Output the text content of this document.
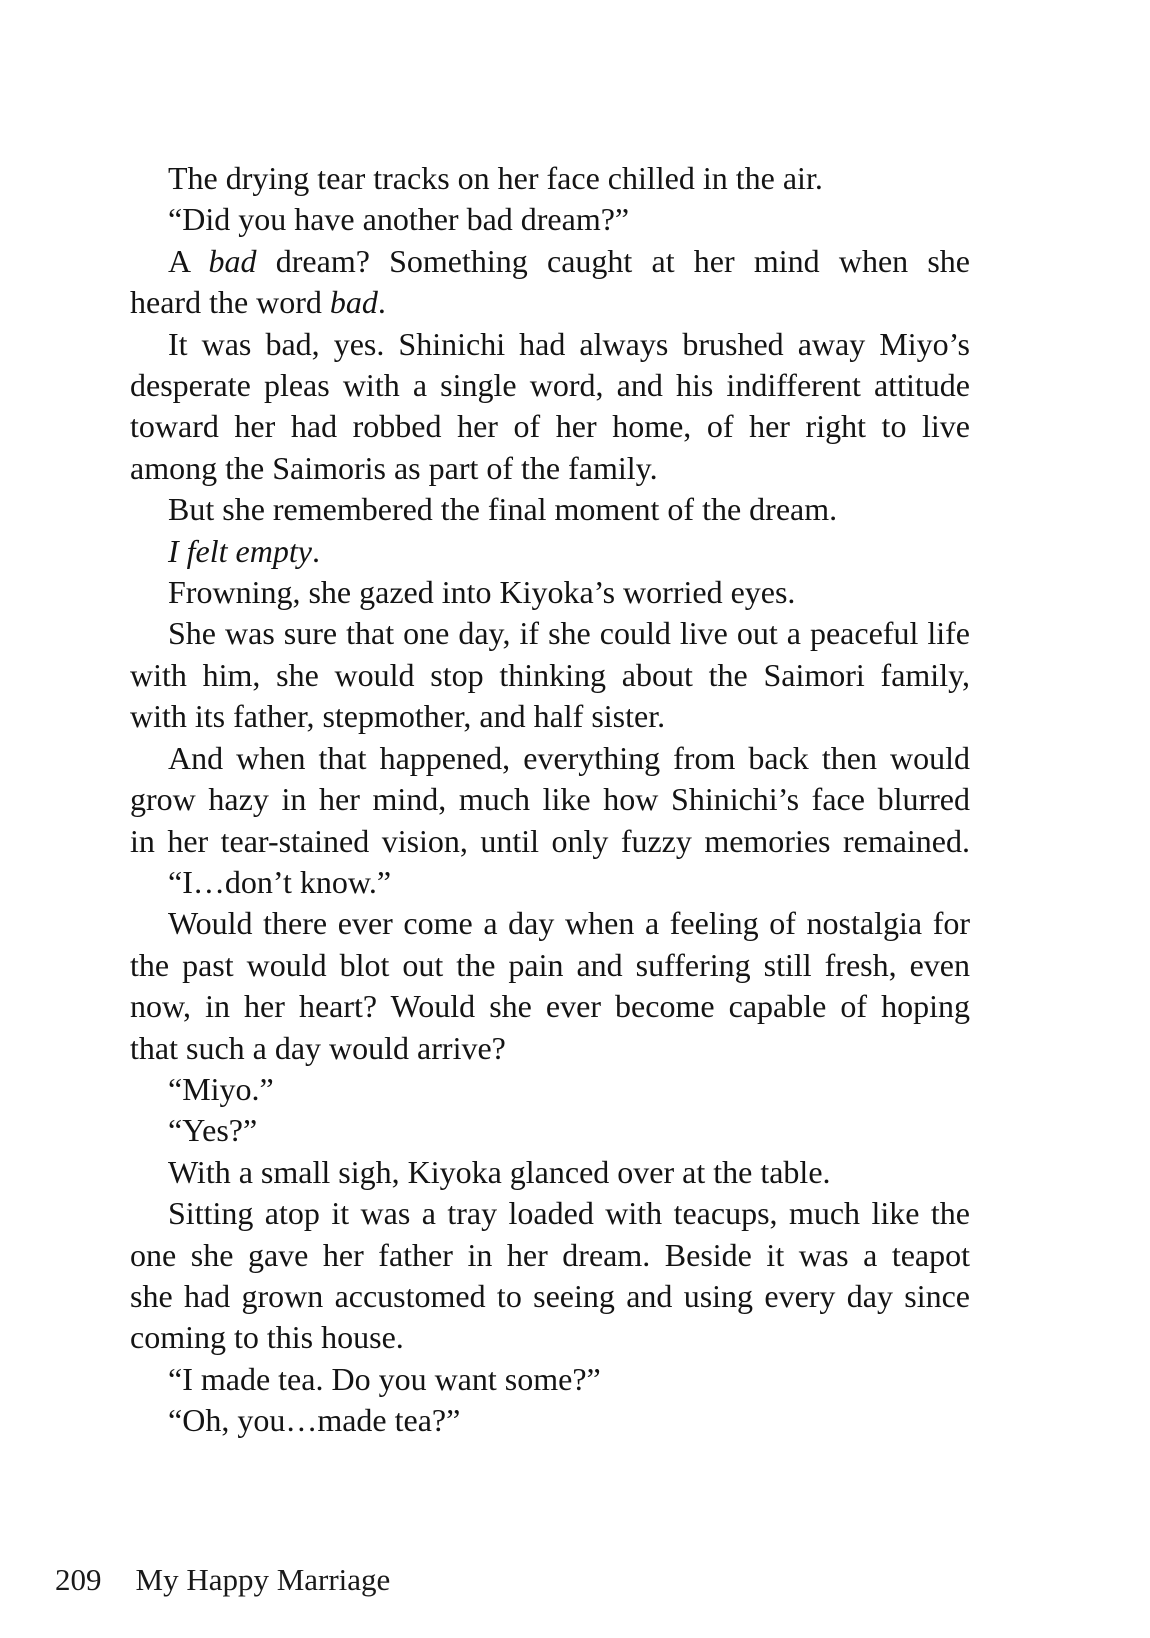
The drying tear tracks on her face chilled in the air.
“Did you have another bad dream?”
A bad dream? Something caught at her mind when she
heard the word bad.
It was bad, yes. Shinichi had always brushed away Miyo’s
desperate pleas with a single word, and his indifferent attitude
toward her had robbed her of her home, of her right to live
among the Saimoris as part of the family.
But she remembered the final moment of the dream.
I felt empty.
Frowning, she gazed into Kiyoka’s worried eyes.
She was sure that one day, if she could live out a peaceful life
with him, she would stop thinking about the Saimori family,
with its father, stepmother, and half sister.
And when that happened, everything from back then would
grow hazy in her mind, much like how Shinichi’s face blurred
in her tear-stained vision, until only fuzzy memories remained.
“I…don’t know.”
Would there ever come a day when a feeling of nostalgia for
the past would blot out the pain and suffering still fresh, even
now, in her heart? Would she ever become capable of hoping
that such a day would arrive?
“Miyo.”
“Yes?”
With a small sigh, Kiyoka glanced over at the table.
Sitting atop it was a tray loaded with teacups, much like the
one she gave her father in her dream. Beside it was a teapot
she had grown accustomed to seeing and using every day since
coming to this house.
“I made tea. Do you want some?”
“Oh, you…made tea?”
209 My Happy Marriage
